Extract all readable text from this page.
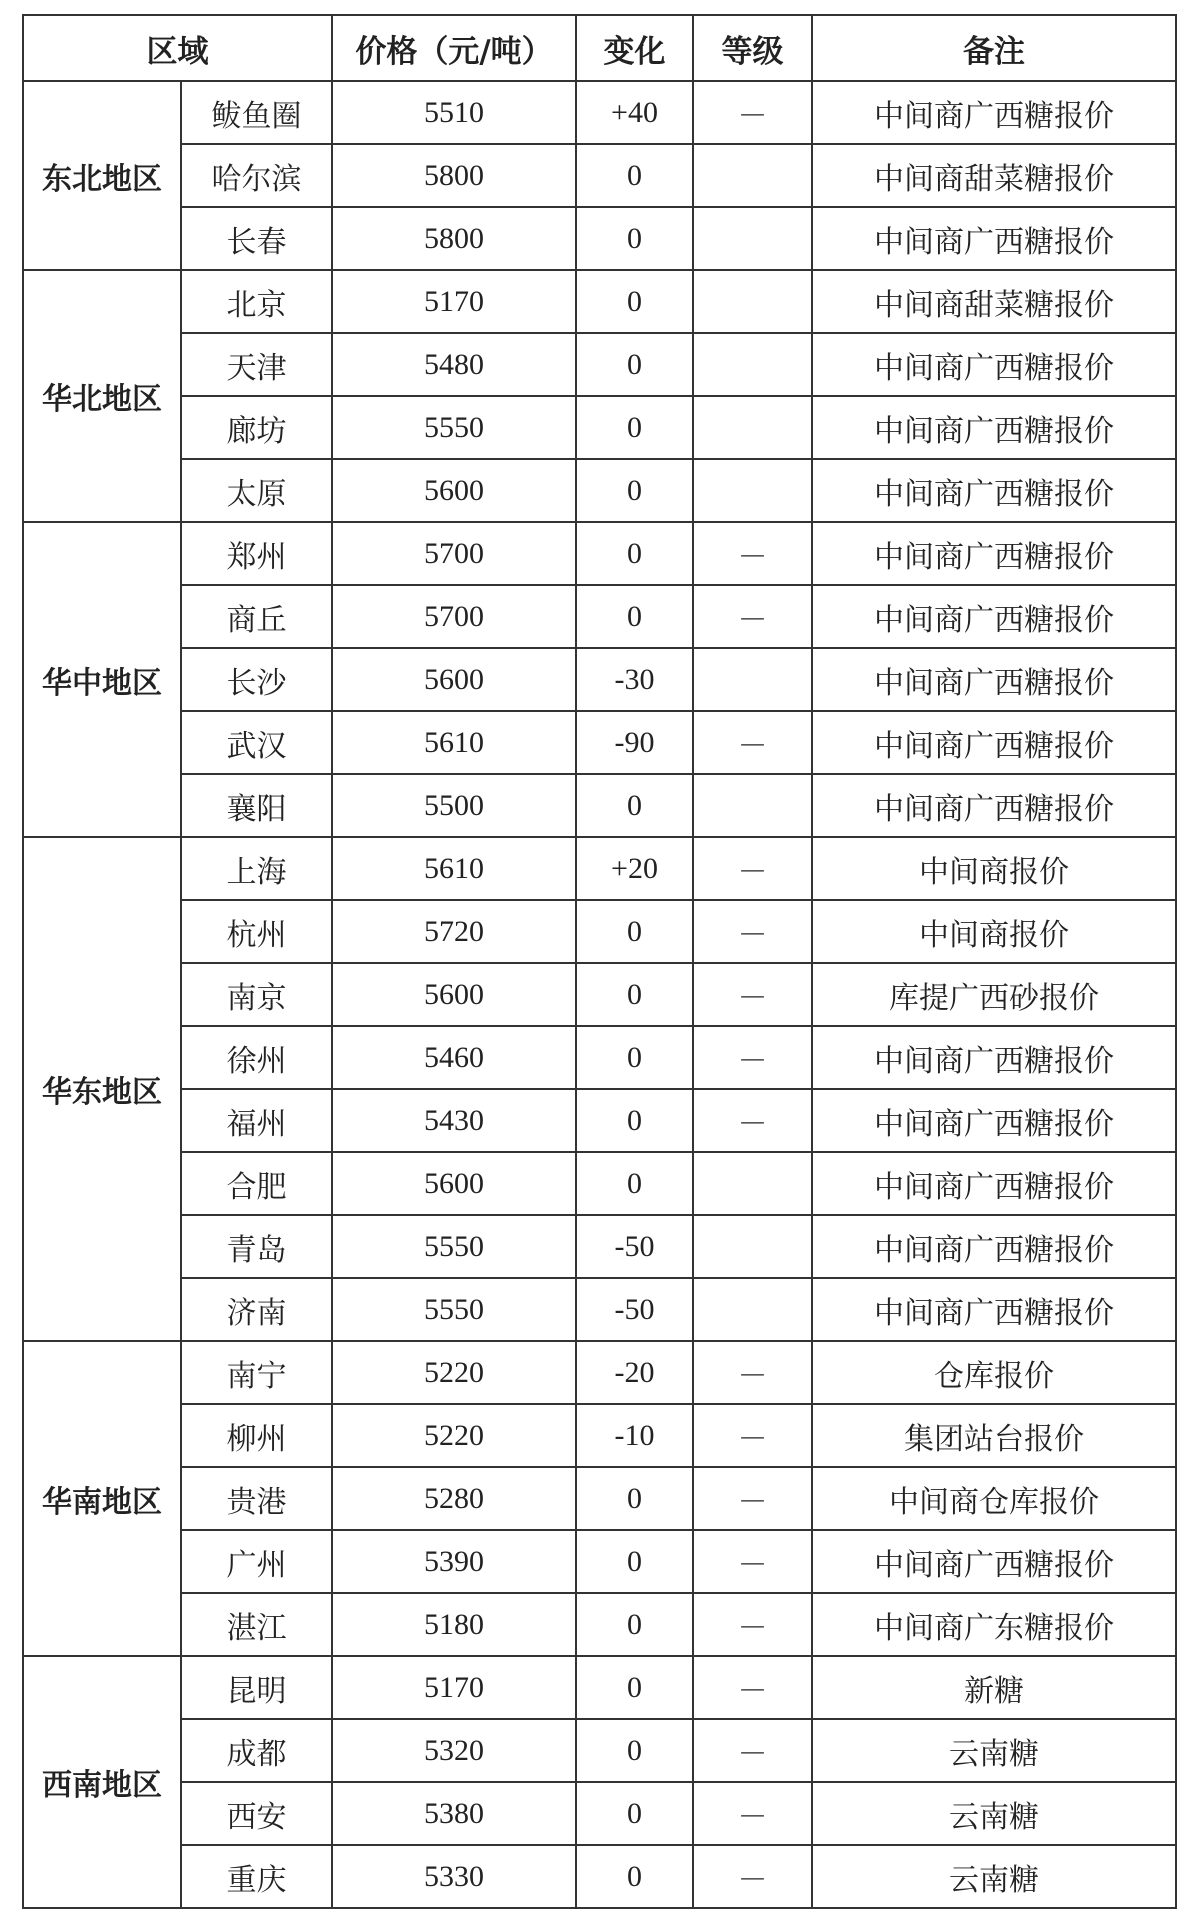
区域		价格（元/吨）	变化	等级	备注
东北地区	鲅鱼圈	5510	+40	－	中间商广西糖报价
	哈尔滨	5800	0		中间商甜菜糖报价
	长春	5800	0		中间商广西糖报价
华北地区	北京	5170	0		中间商甜菜糖报价
	天津	5480	0		中间商广西糖报价
	廊坊	5550	0		中间商广西糖报价
	太原	5600	0		中间商广西糖报价
华中地区	郑州	5700	0	－	中间商广西糖报价
	商丘	5700	0	－	中间商广西糖报价
	长沙	5600	-30		中间商广西糖报价
	武汉	5610	-90	－	中间商广西糖报价
	襄阳	5500	0		中间商广西糖报价
华东地区	上海	5610	+20	－	中间商报价
	杭州	5720	0	－	中间商报价
	南京	5600	0	－	库提广西砂报价
	徐州	5460	0	－	中间商广西糖报价
	福州	5430	0	－	中间商广西糖报价
	合肥	5600	0		中间商广西糖报价
	青岛	5550	-50		中间商广西糖报价
	济南	5550	-50		中间商广西糖报价
华南地区	南宁	5220	-20	－	仓库报价
	柳州	5220	-10	－	集团站台报价
	贵港	5280	0	－	中间商仓库报价
	广州	5390	0	－	中间商广西糖报价
	湛江	5180	0	－	中间商广东糖报价
西南地区	昆明	5170	0	－	新糖
	成都	5320	0	－	云南糖
	西安	5380	0	－	云南糖
	重庆	5330	0	－	云南糖
